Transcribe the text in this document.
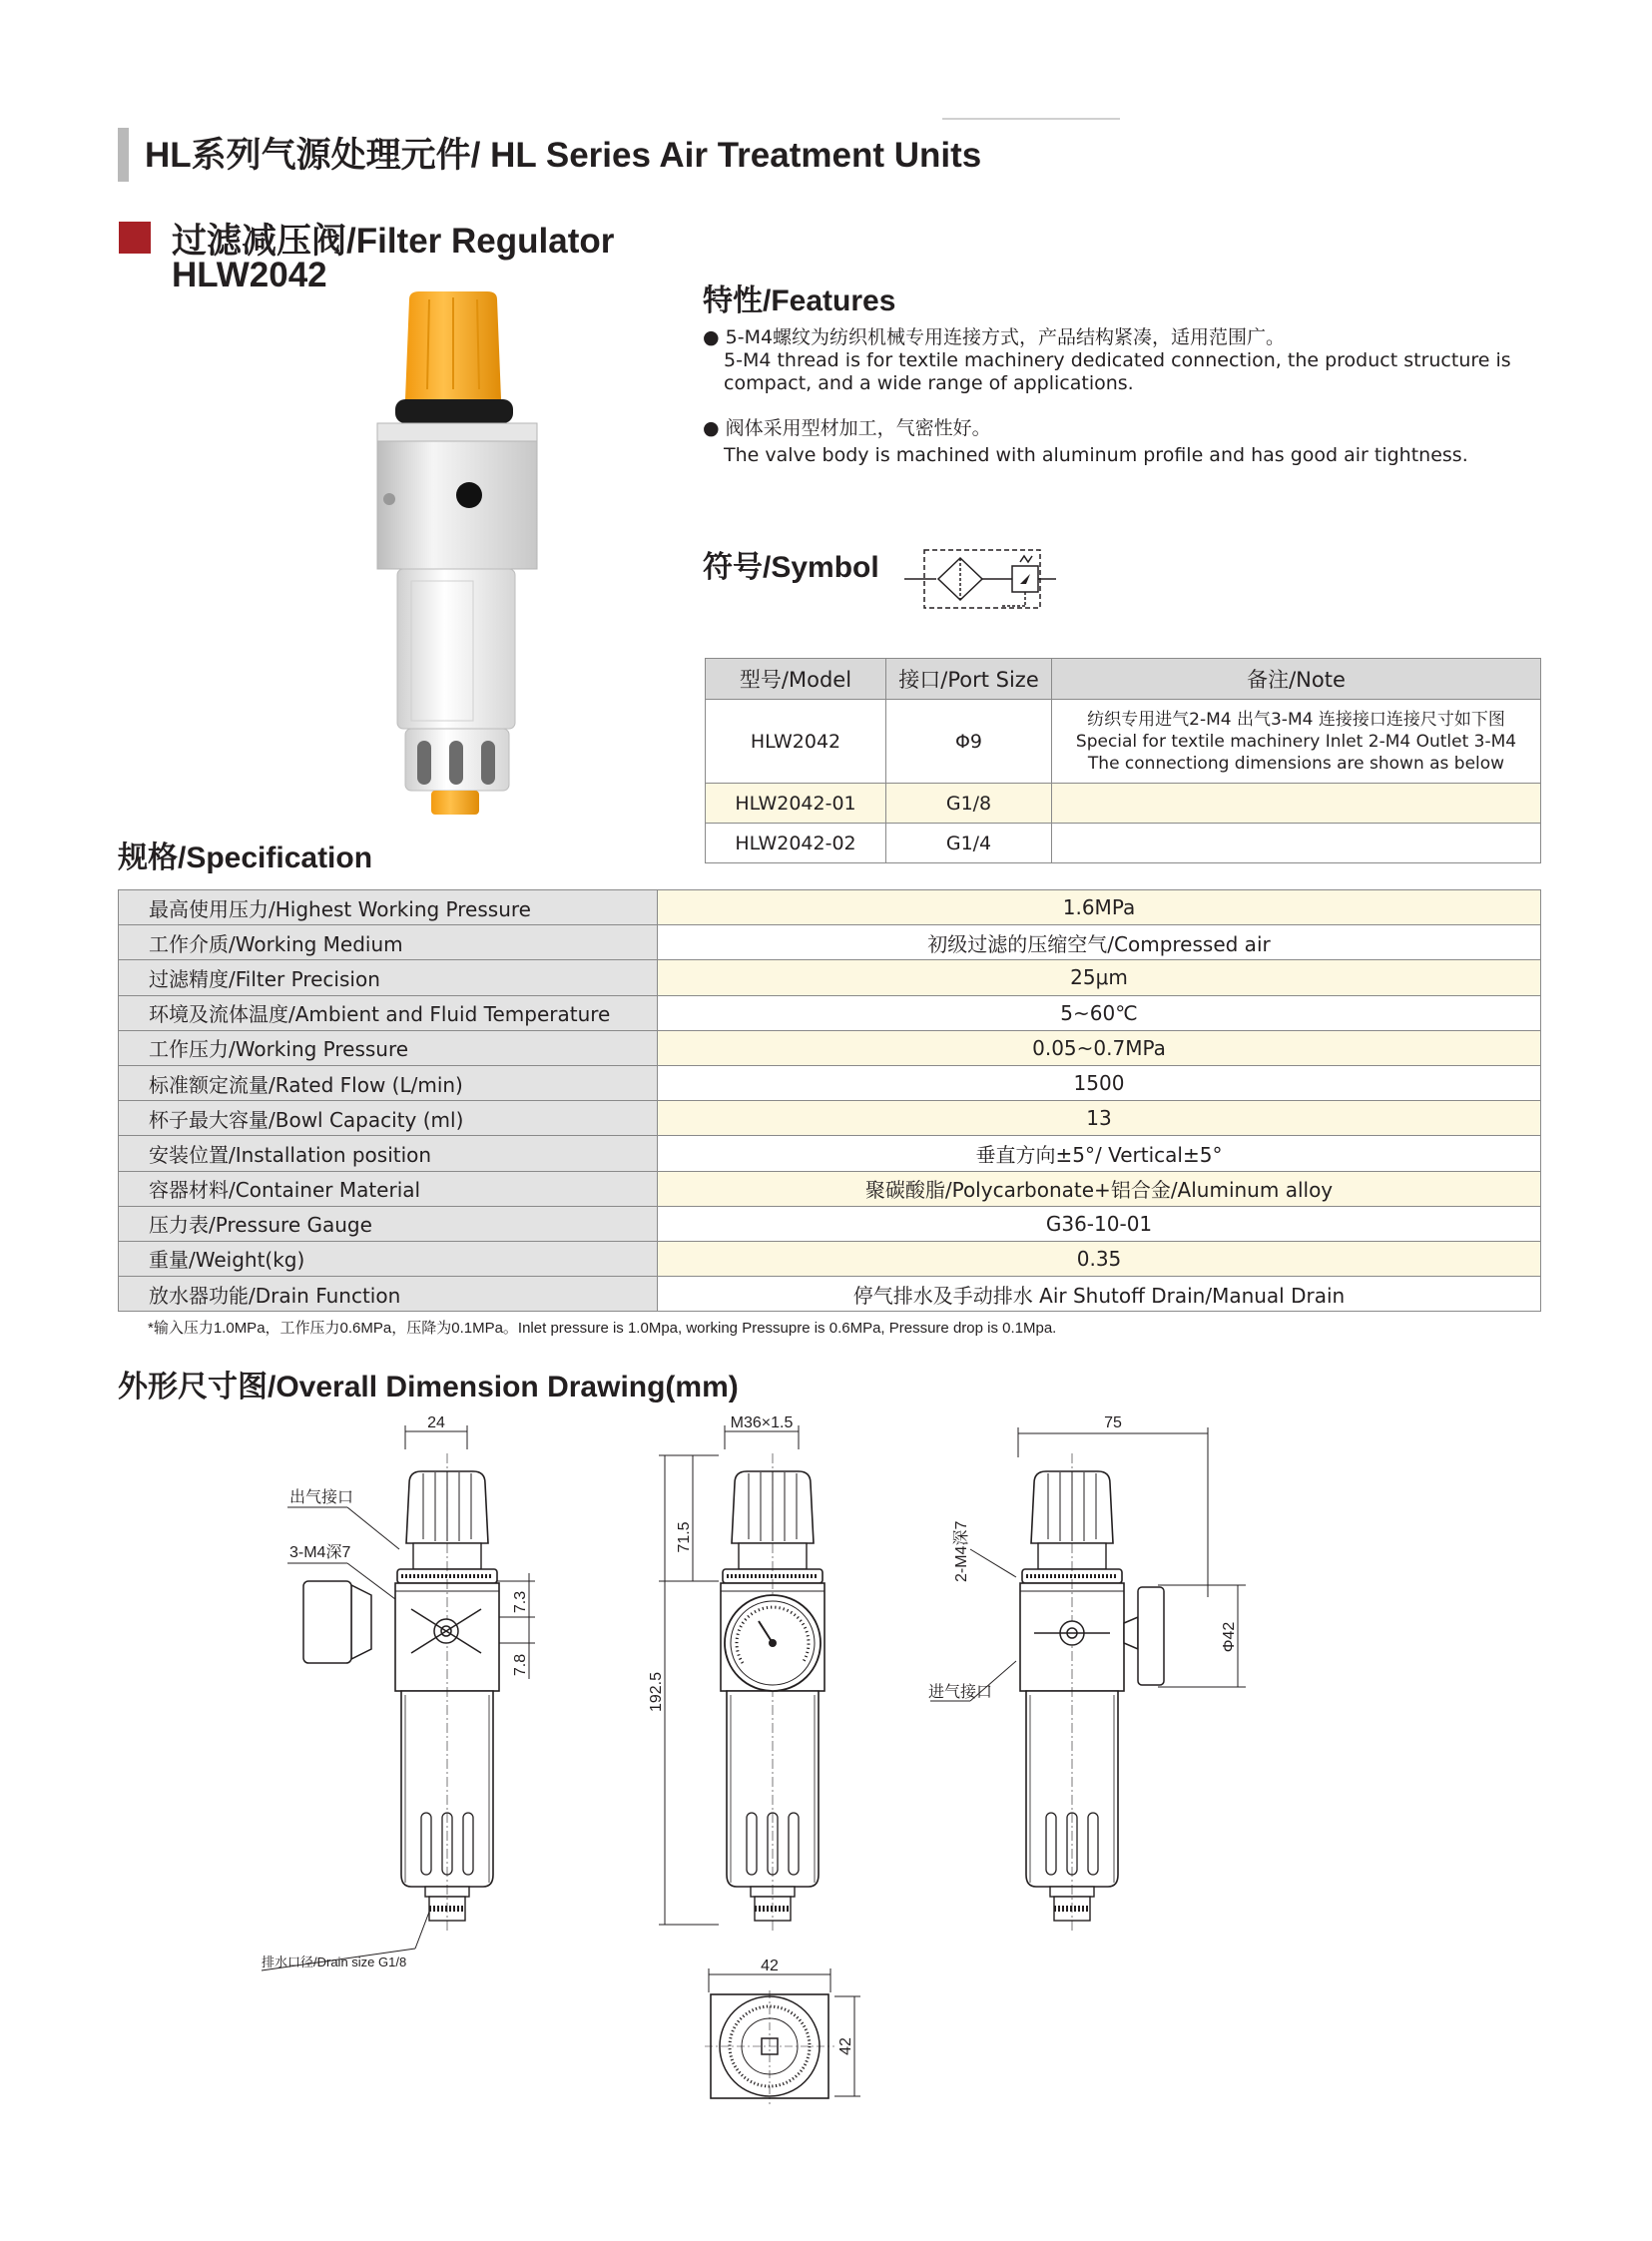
HL系列气源处理元件/ HL Series Air Treatment Units
过滤减压阀/Filter Regulator
HLW2042
特性/Features
● 5-M4螺纹为纺织机械专用连接方式，产品结构紧凑，适用范围广。
5-M4 thread is for textile machinery dedicated connection, the product structure is compact, and a wide range of applications.
● 阀体采用型材加工，气密性好。
The valve body is machined with aluminum profile and has good air tightness.
符号/Symbol
型号/Model	接口/Port Size	备注/Note
HLW2042	Φ9	纺织专用进气2-M4 出气3-M4 连接接口连接尺寸如下图
Special for textile machinery Inlet 2-M4 Outlet 3-M4
The connectiong dimensions are shown as below

HLW2042-01	G1/8	
HLW2042-02	G1/4	
规格/Specification
最高使用压力/Highest Working Pressure	1.6MPa
工作介质/Working Medium	初级过滤的压缩空气/Compressed air
过滤精度/Filter Precision	25μm
环境及流体温度/Ambient and Fluid Temperature	5~60℃
工作压力/Working Pressure	0.05~0.7MPa
标准额定流量/Rated Flow (L/min)	1500
杯子最大容量/Bowl Capacity (ml)	13
安装位置/Installation position	垂直方向±5°/ Vertical±5°
容器材料/Container Material	聚碳酸脂/Polycarbonate+铝合金/Aluminum alloy
压力表/Pressure Gauge	G36-10-01
重量/Weight(kg)	0.35
放水器功能/Drain Function	停气排水及手动排水 Air Shutoff Drain/Manual Drain
*输入压力1.0MPa，工作压力0.6MPa，压降为0.1MPa。Inlet pressure is 1.0Mpa, working Pressupre is 0.6MPa, Pressure drop is 0.1Mpa.
外形尺寸图/Overall Dimension Drawing(mm)
24
出气接口
3-M4深7
7.3
7.8
排水口径/Drain size G1/8
M36×1.5
71.5
192.5
75
2-M4深7
进气接口
Φ42
42
42
